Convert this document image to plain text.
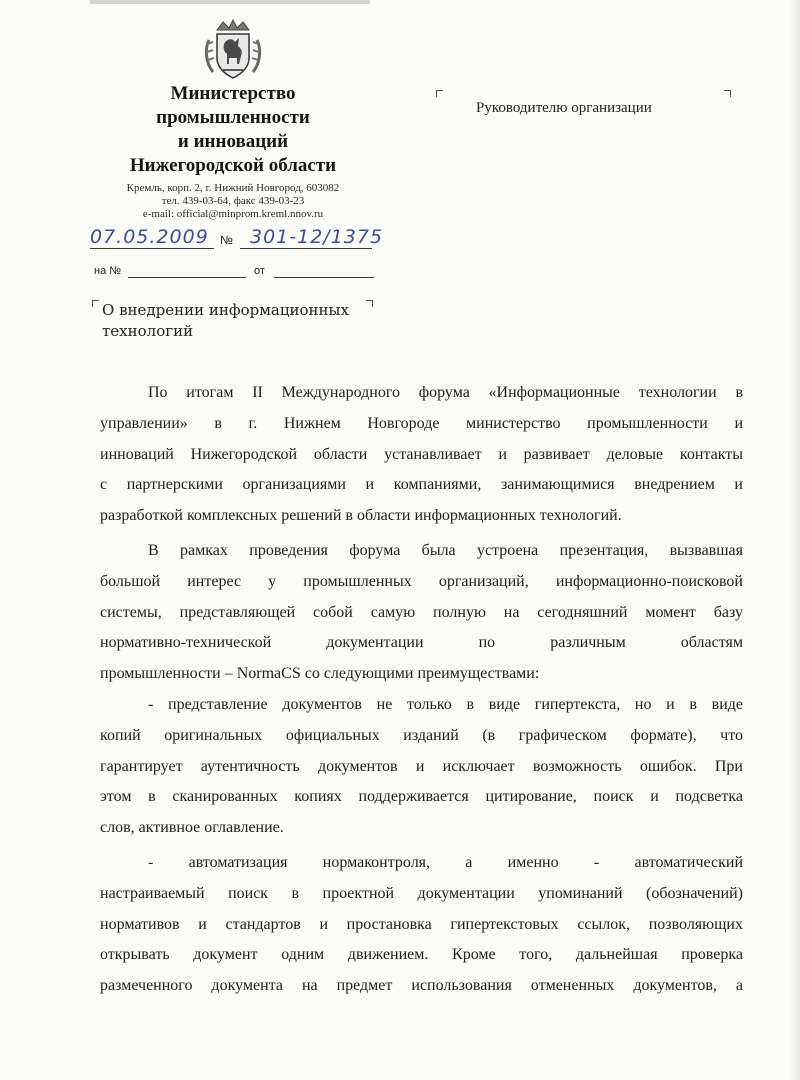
Министерство
промышленности
и инноваций
Нижегородской области
Кремль, корп. 2, г. Нижний Новгород, 603082
тел. 439-03-64, факс 439-03-23
e-mail: official@minprom.kreml.nnov.ru
07.05.2009 № 301-12/1375
на №	от
Руководителю организации
О внедрении информационных
технологий
По итогам II Международного форума «Информационные технологии в
управлении» в г. Нижнем Новгороде министерство промышленности и
инноваций Нижегородской области устанавливает и развивает деловые контакты
с партнерскими организациями и компаниями, занимающимися внедрением и
разработкой комплексных решений в области информационных технологий.
В рамках проведения форума была устроена презентация, вызвавшая
большой интерес у промышленных организаций, информационно-поисковой
системы, представляющей собой самую полную на сегодняшний момент базу
нормативно-технической документации по различным областям
промышленности – NormaCS со следующими преимуществами:
- представление документов не только в виде гипертекста, но и в виде
копий оригинальных официальных изданий (в графическом формате), что
гарантирует аутентичность документов и исключает возможность ошибок. При
этом в сканированных копиях поддерживается цитирование, поиск и подсветка
слов, активное оглавление.
- автоматизация нормаконтроля, а именно - автоматический
настраиваемый поиск в проектной документации упоминаний (обозначений)
нормативов и стандартов и простановка гипертекстовых ссылок, позволяющих
открывать документ одним движением. Кроме того, дальнейшая проверка
размеченного документа на предмет использования отмененных документов, а
